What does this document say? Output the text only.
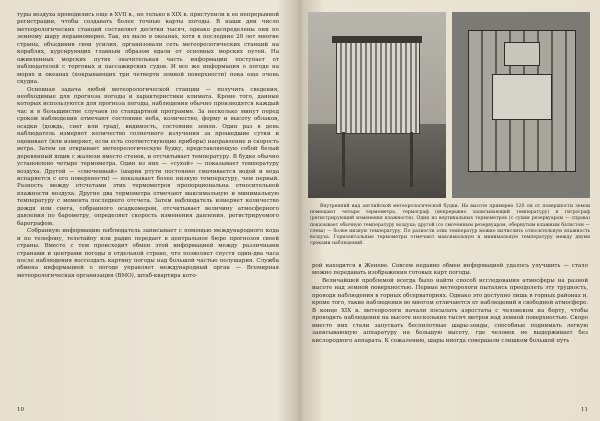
туры воздуха проводились еще в XVII в., но только в XIX в. приступили к ее непрерывной регистрации, чтобы создавать более точные карты погоды. В наши дни число метеорологических станций составляет десятки тысяч, однако распределены они по земному шару неравномерно. Так, их мало в океанах, хотя в последние 20 лет многие страны, объединив свои усилия, организовали сеть метеорологических станций на кораблях, курсирующих главным образом вдали от основных морских путей. На оживленных морских путях значительная часть информации поступает от наблюдателей с торговых и пассажирских судов. И все же информация о погоде на морях и океанах (покрывающих три четверти земной поверхности) пока еще очень скудна.

Основная задача любой метеорологической станции — получить сведения, необходимые для прогноза погоды и характеристики климата. Кроме того, данные которых используются для прогноза погоды, наблюдения обычно производятся каждый час и в большинстве случаев по стандартной программе. За несколько минут перед сроком наблюдения отмечают состояние неба, количество, форму и высоту облаков, осадки (дождь, снег или град), видимость, состояние земли. Один раз в день наблюдатель измеряет количество солнечного излучения за прошедшие сутки и оценивает (или измеряет, если есть соответствующие приборы) направление и скорость ветра. Затем он открывает метеорологическую будку, представляющую собой белый деревянный ящик с жалюзи вместо стенок, и отсчитывает температуру. В будке обычно установлено четыре термометра. Один из них — «сухой» — показывает температуру воздуха. Другой — «смоченный» (шарик ртути постоянно смачивается водой и вода испаряется с его поверхности) — показывает более низкую температуру, чем первый. Разность между отсчетами этих термометров пропорциональна относительной влажности воздуха. Другие два термометра отмечают максимальную и минимальную температуру с момента последнего отсчета. Затем наблюдатель измеряет количество дождя или снега, собранного осадкомером, отсчитывает величину атмосферного давления по барометру, определяет скорость изменения давления, регистрируемого барографом.

Собранную информацию наблюдатель записывает с помощью международного кода и по телефону, телетайпу или радио передает в центральное бюро прогнозов своей страны. Вместе с тем происходит обмен этой информацией между различными странами и центрами погоды в отдельной стране, что позволяет спустя один-два часа после наблюдения воссоздать картину погоды над большой частью полушария. Служба обмена информацией о погоде управляет международный орган — Всемирная метеорологическая организация (ВМО), штаб-квартира кото-

10
Внутренний вид английской метеорологической будки. На высоте примерно 120 см от поверхности земли помещают четыре термометра, термограф (непрерывно записывающий температуру) и гигрограф (регистрирующий изменения влажности). Один из вертикальных термометров (с сухим резервуаром — справа) показывает обычную температуру воздуха; другой (со смоченным резервуаром, обернутым влажным батистом — слева) — более низкую температуру. По разности этих температур можно вычислить относительную влажность воздуха. Горизонтальные термометры отмечают максимальную и минимальную температуру между двумя сроками наблюдений.

рой находится в Женеве. Совсем недавно обмен информацией удалось улучшить — стало можно передавать изображения готовых карт погоды.

Величайшей проблемой всегда было найти способ исследования атмосферы на разной высоте над земной поверхностью. Первые метеорологи пытались преодолеть эту трудность, проводя наблюдения в горных обсерваториях. Однако это доступно лишь в горных районах и, кроме того, такие наблюдения во многом отличаются от наблюдений в свободной атмосфере. В конце XIX в. метеорологи начали посылать аэростаты с человеком на борту, чтобы проводить наблюдения на высоте нескольких тысяч метров над земной поверхностью. Скоро вместо них стали запускать беспилотные шары-зонды, способные поднимать легкую записывающую аппаратуру на большую высоту, где человек не выдерживает без кислородного аппарата. К сожалению, шары иногда совершали слишком большой путь

11
